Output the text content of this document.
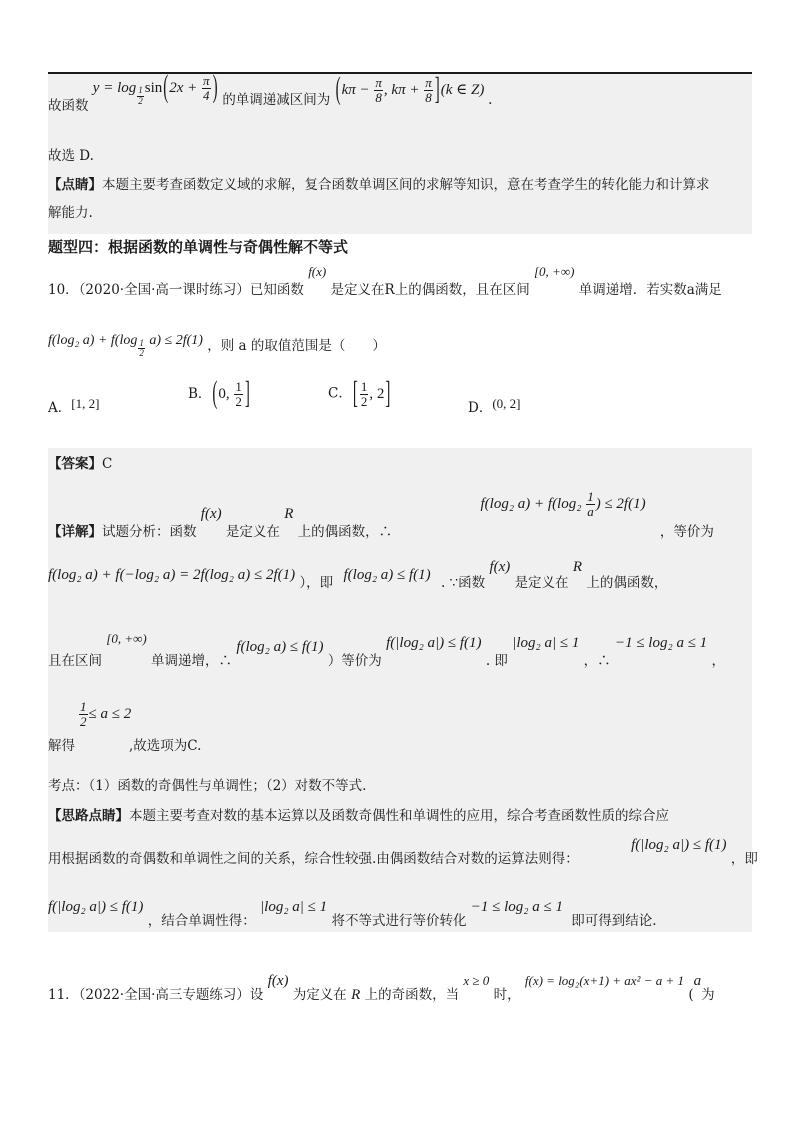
故函数 $y = \log \frac{1}{2} \sin(2x + \frac{\pi}{4}$ ) 的单调递减区间为 ($k\pi - \frac{\pi}{8}$ , $k\pi + \frac{\pi}{8} ](k$ ∈ Z) .
故选 D.
【点睛】本题主要考查函数定义域的求解，复合函数单调区间的求解等知识，意在考查学生的转化能力和计算求
解能力.
题型四：根据函数的单调性与奇偶性解不等式
10．（2020·全国·高一课时练习）已知函数 f(x) 是定义在R上的偶函数，且在区间 [0, +∞) 单调递增．若实数a满足
f(log₂ $a) + f(\log \frac{1}{2} a) \le 2f(1)$ ，则 a 的取值范围是（　　）
A．[1, 2]
B．(0, $\frac{1}{2}$ ]	C．[ $\frac{1}{2}$ , 2]	D．(0, 2]
【答案】C
【详解】试题分析：函数 f(x) 是定义在 R 上的偶函数，∴ f(log₂ $a) + f(\log_2 \frac{1}{a}$ ) ≤ 2f(1) ，等价为
f(log₂ a) + f(−log₂ a) = 2f(log₂ a) ≤ 2f(1) ），即 f(log₂ a) ≤ f(1) . ∵函数 f(x) 是定义在 R 上的偶函数，
且在区间 [0, +∞) 单调递增，∴ f(log₂ a) ≤ f(1) ）等价为 f(|log₂ a|) ≤ f(1) . 即 |log₂ a| ≤ 1 ，∴ −1 ≤ log₂ a ≤ 1 ，
$\frac{1}{2} \le a \le 2$
解得	,故选项为C.
考点：（1）函数的奇偶性与单调性；（2）对数不等式.
【思路点睛】本题主要考查对数的基本运算以及函数奇偶性和单调性的应用，综合考查函数性质的综合应
用根据函数的奇偶数和单调性之间的关系，综合性较强.由偶函数结合对数的运算法则得： f(|log₂ a|) ≤ f(1) ，即
f(|log₂ a|) ≤ f(1) ，结合单调性得： |log₂ a| ≤ 1 将不等式进行等价转化 −1 ≤ log₂ a ≤ 1 即可得到结论.
11．（2022·全国·高三专题练习）设 f(x) 为定义在 R 上的奇函数，当 x ≥ 0 时， f(x) = log₂(x+1) + ax² − a + 1 (a为
